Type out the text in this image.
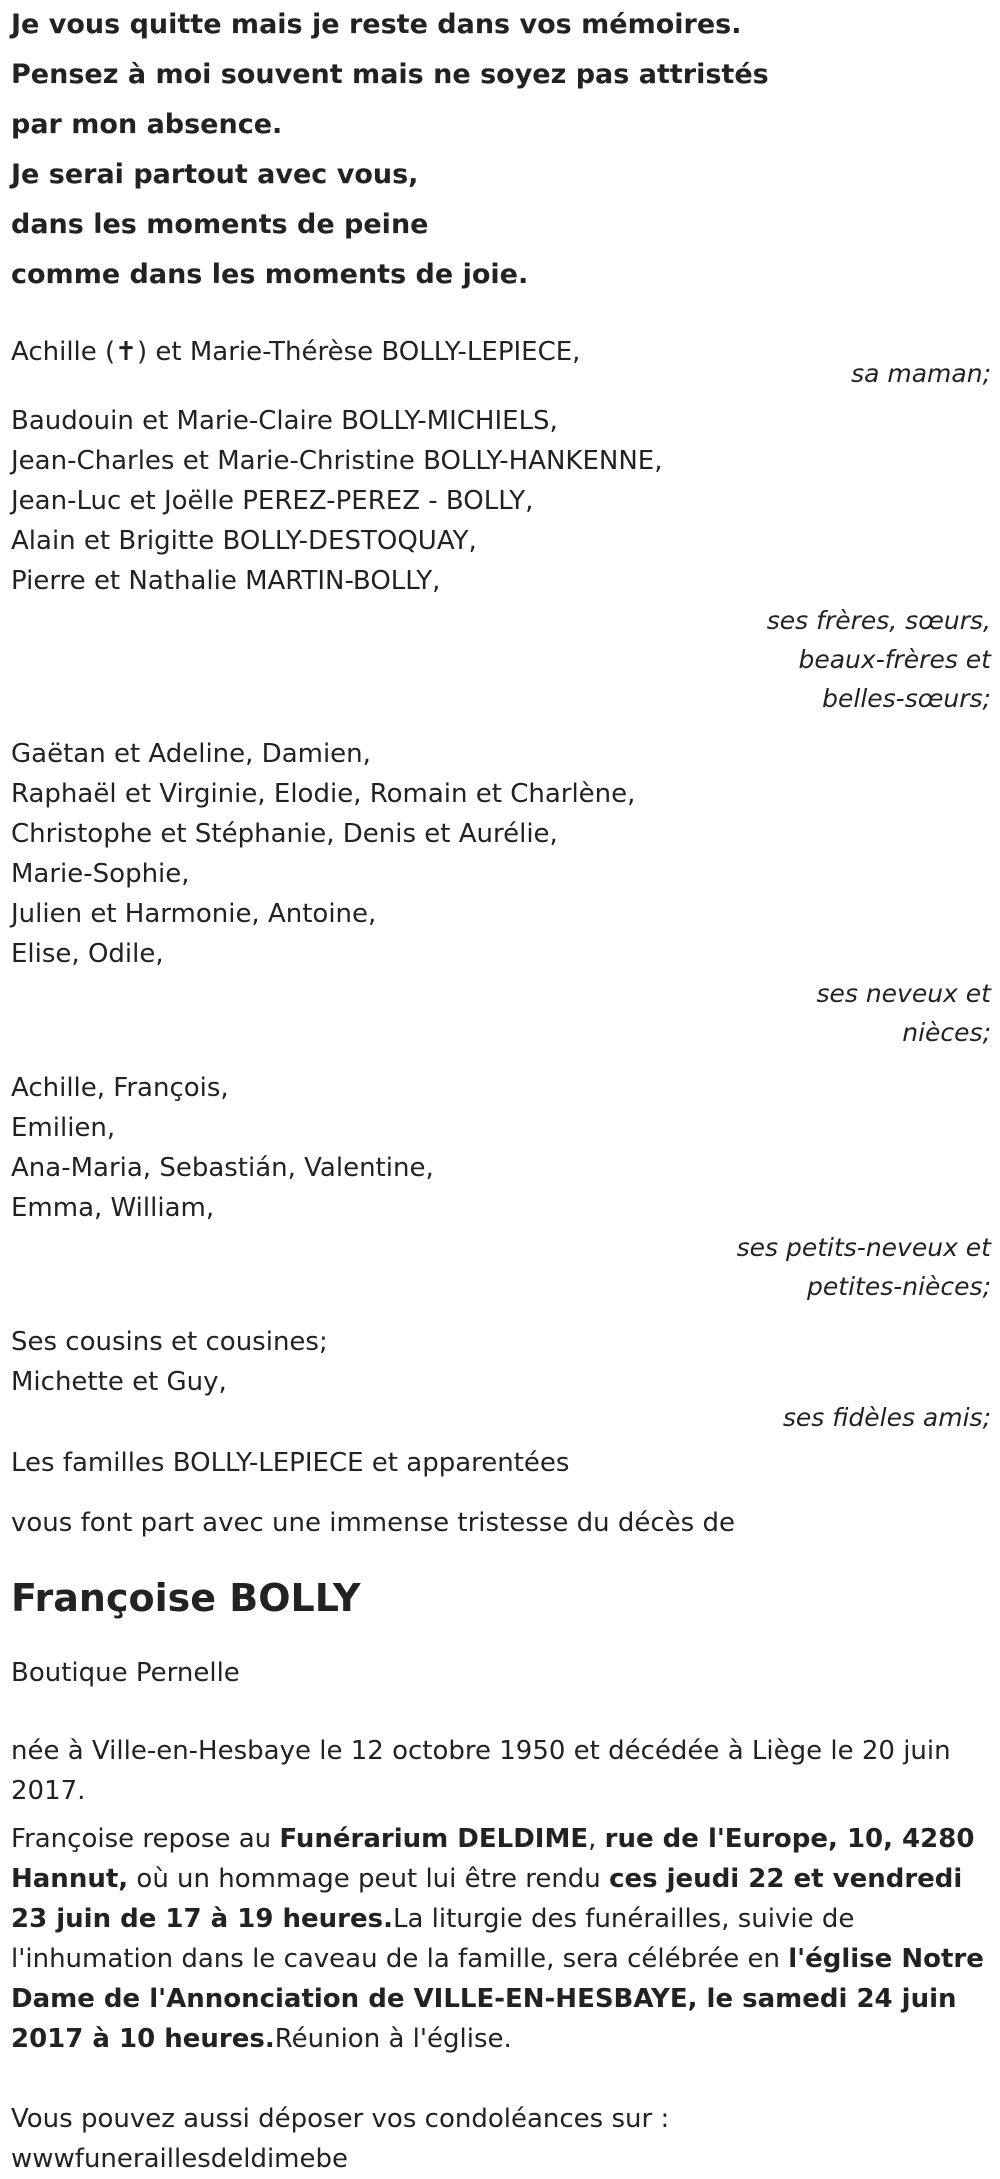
Je vous quitte mais je reste dans vos mémoires.
Pensez à moi souvent mais ne soyez pas attristés
par mon absence.
Je serai partout avec vous,
dans les moments de peine
comme dans les moments de joie.
Achille (✝) et Marie-Thérèse BOLLY-LEPIECE,
sa maman;
Baudouin et Marie-Claire BOLLY-MICHIELS,
Jean-Charles et Marie-Christine BOLLY-HANKENNE,
Jean-Luc et Joëlle PEREZ-PEREZ - BOLLY,
Alain et Brigitte BOLLY-DESTOQUAY,
Pierre et Nathalie MARTIN-BOLLY,
ses frères, sœurs,
beaux-frères et
belles-sœurs;
Gaëtan et Adeline, Damien,
Raphaël et Virginie, Elodie, Romain et Charlène,
Christophe et Stéphanie, Denis et Aurélie,
Marie-Sophie,
Julien et Harmonie, Antoine,
Elise, Odile,
ses neveux et
nièces;
Achille, François,
Emilien,
Ana-Maria, Sebastián, Valentine,
Emma, William,
ses petits-neveux et
petites-nièces;
Ses cousins et cousines;
Michette et Guy,
ses fidèles amis;
Les familles BOLLY-LEPIECE et apparentées
vous font part avec une immense tristesse du décès de
Françoise BOLLY
Boutique Pernelle
née à Ville-en-Hesbaye le 12 octobre 1950 et décédée à Liège le 20 juin 2017.
Françoise repose au Funérarium DELDIME, rue de l'Europe, 10, 4280 Hannut, où un hommage peut lui être rendu ces jeudi 22 et vendredi 23 juin de 17 à 19 heures.La liturgie des funérailles, suivie de l'inhumation dans le caveau de la famille, sera célébrée en l'église Notre Dame de l'Annonciation de VILLE-EN-HESBAYE, le samedi 24 juin 2017 à 10 heures.Réunion à l'église.
Vous pouvez aussi déposer vos condoléances sur :
wwwfuneraillesdeldimebe
